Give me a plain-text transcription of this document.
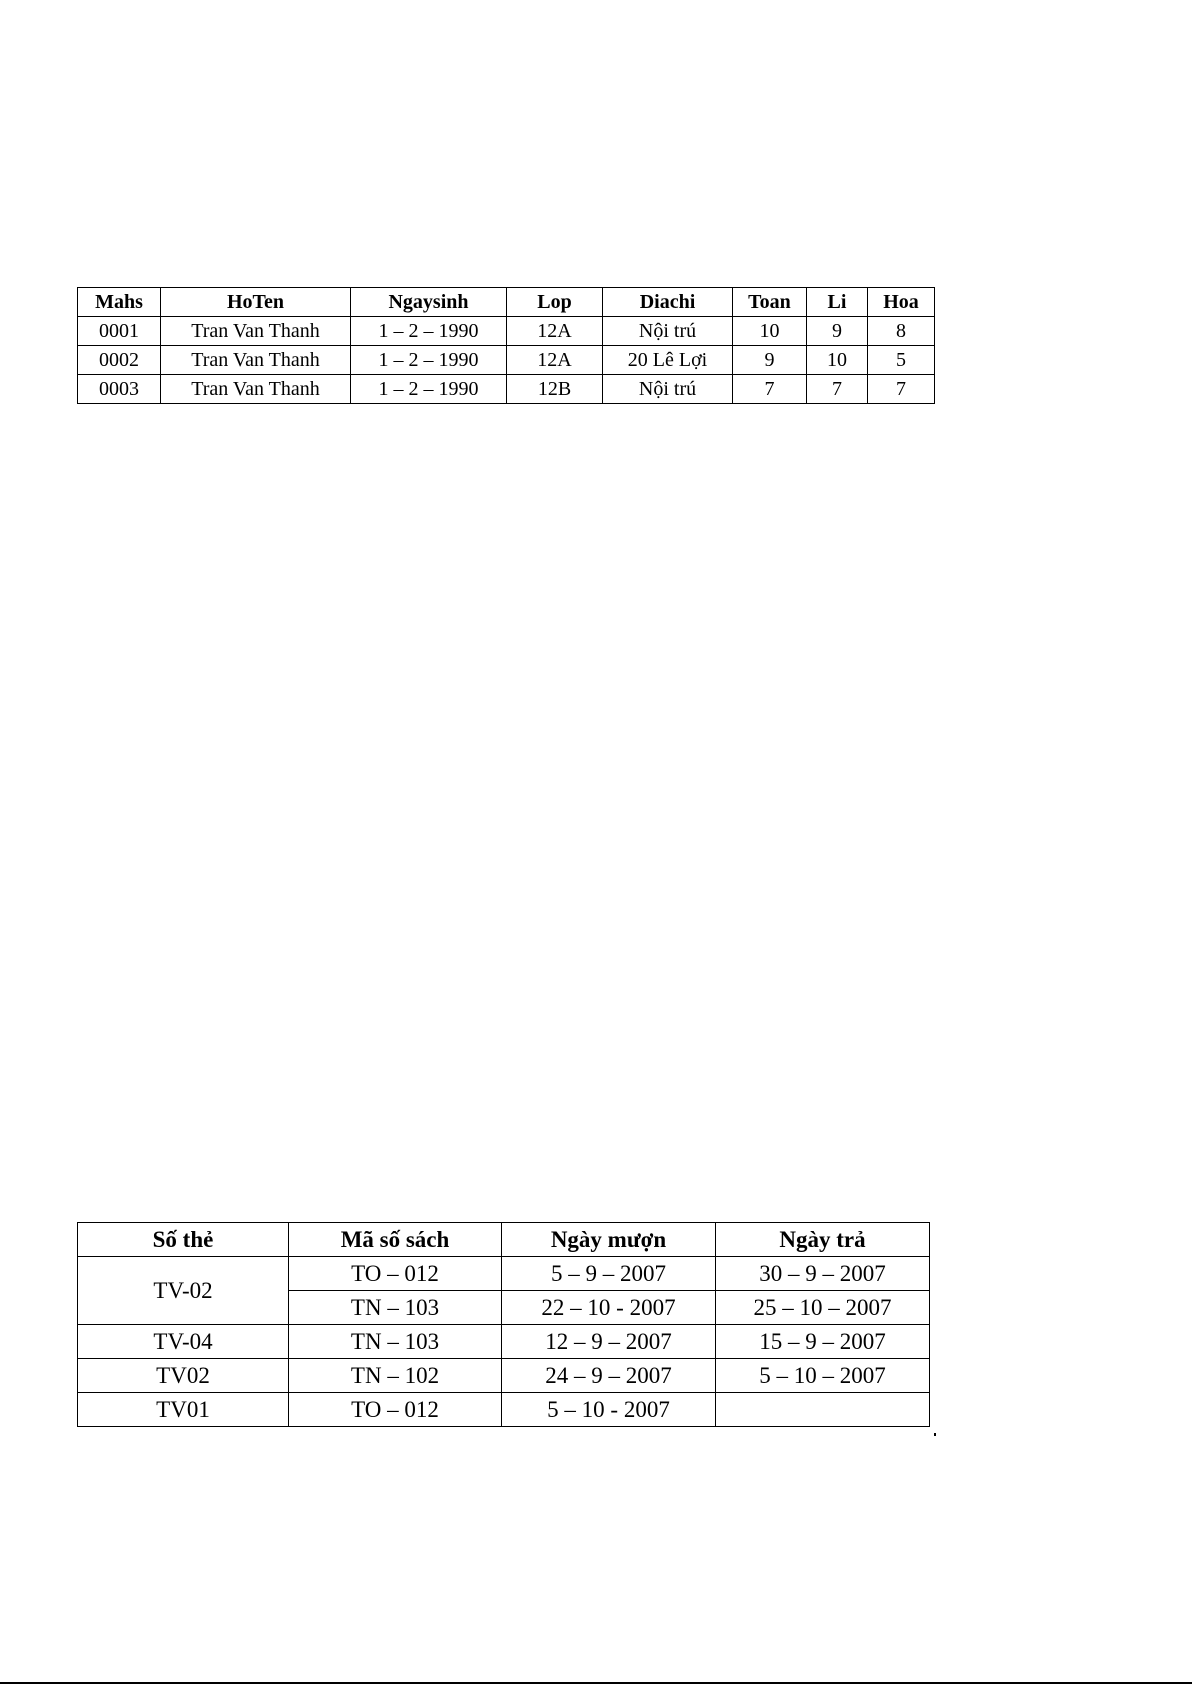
Mahs	HoTen	Ngaysinh	Lop	Diachi	Toan	Li	Hoa
0001	Tran Van Thanh	1 – 2 – 1990	12A	Nội trú	10	9	8
0002	Tran Van Thanh	1 – 2 – 1990	12A	20 Lê Lợi	9	10	5
0003	Tran Van Thanh	1 – 2 – 1990	12B	Nội trú	7	7	7
Số thẻ	Mã số sách	Ngày mượn	Ngày trả
TV-02	TO – 012	5 – 9 – 2007	30 – 9 – 2007
	TN – 103	22 – 10 - 2007	25 – 10 – 2007
TV-04	TN – 103	12 – 9 – 2007	15 – 9 – 2007
TV02	TN – 102	24 – 9 – 2007	5 – 10 – 2007
TV01	TO – 012	5 – 10 - 2007	
